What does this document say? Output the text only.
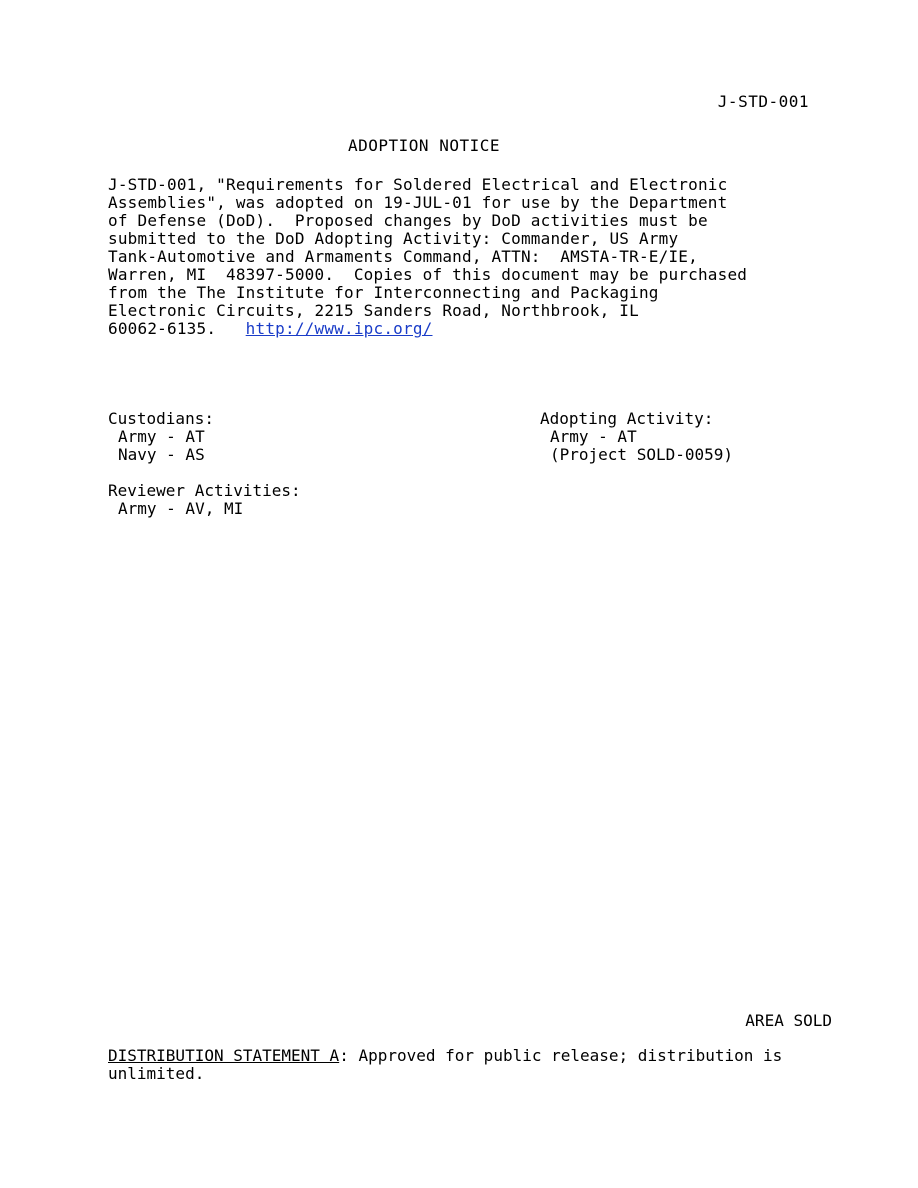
J-STD-001
ADOPTION NOTICE
J-STD-001, "Requirements for Soldered Electrical and Electronic
Assemblies", was adopted on 19-JUL-01 for use by the Department
of Defense (DoD).  Proposed changes by DoD activities must be
submitted to the DoD Adopting Activity: Commander, US Army
Tank-Automotive and Armaments Command, ATTN:  AMSTA-TR-E/IE,
Warren, MI  48397-5000.  Copies of this document may be purchased
from the The Institute for Interconnecting and Packaging
Electronic Circuits, 2215 Sanders Road, Northbrook, IL
60062-6135.   http://www.ipc.org/
Custodians:
Army - AT
Navy - AS
Adopting Activity:
Army - AT
(Project SOLD-0059)
Reviewer Activities:
Army - AV, MI
AREA SOLD
DISTRIBUTION STATEMENT A: Approved for public release; distribution is unlimited.
